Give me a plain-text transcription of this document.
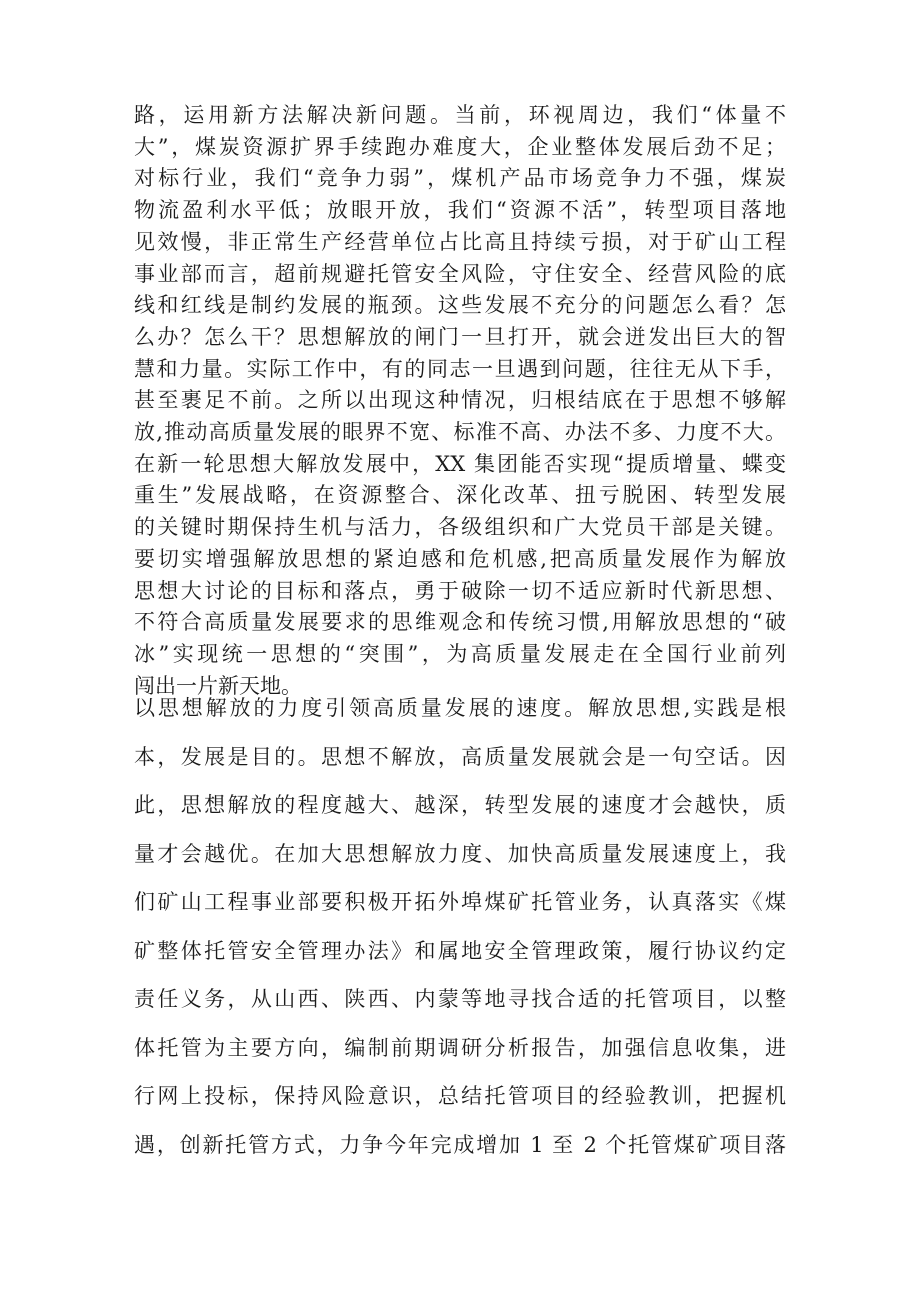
路，运用新方法解决新问题。当前，环视周边，我们“体量不
大”，煤炭资源扩界手续跑办难度大，企业整体发展后劲不足；
对标行业，我们“竞争力弱”，煤机产品市场竞争力不强，煤炭
物流盈利水平低；放眼开放，我们“资源不活”，转型项目落地
见效慢，非正常生产经营单位占比高且持续亏损，对于矿山工程
事业部而言，超前规避托管安全风险，守住安全、经营风险的底
线和红线是制约发展的瓶颈。这些发展不充分的问题怎么看？怎
么办？怎么干？思想解放的闸门一旦打开，就会迸发出巨大的智
慧和力量。实际工作中，有的同志一旦遇到问题，往往无从下手，
甚至裹足不前。之所以出现这种情况，归根结底在于思想不够解
放,推动高质量发展的眼界不宽、标准不高、办法不多、力度不大。
在新一轮思想大解放发展中，XX 集团能否实现“提质增量、蝶变
重生”发展战略，在资源整合、深化改革、扭亏脱困、转型发展
的关键时期保持生机与活力，各级组织和广大党员干部是关键。
要切实增强解放思想的紧迫感和危机感,把高质量发展作为解放
思想大讨论的目标和落点，勇于破除一切不适应新时代新思想、
不符合高质量发展要求的思维观念和传统习惯,用解放思想的“破
冰”实现统一思想的“突围”，为高质量发展走在全国行业前列
闯出一片新天地。
以思想解放的力度引领高质量发展的速度。解放思想,实践是根
本，发展是目的。思想不解放，高质量发展就会是一句空话。因
此，思想解放的程度越大、越深，转型发展的速度才会越快，质
量才会越优。在加大思想解放力度、加快高质量发展速度上，我
们矿山工程事业部要积极开拓外埠煤矿托管业务，认真落实《煤
矿整体托管安全管理办法》和属地安全管理政策，履行协议约定
责任义务，从山西、陕西、内蒙等地寻找合适的托管项目，以整
体托管为主要方向，编制前期调研分析报告，加强信息收集，进
行网上投标，保持风险意识，总结托管项目的经验教训，把握机
遇，创新托管方式，力争今年完成增加 1 至 2 个托管煤矿项目落
